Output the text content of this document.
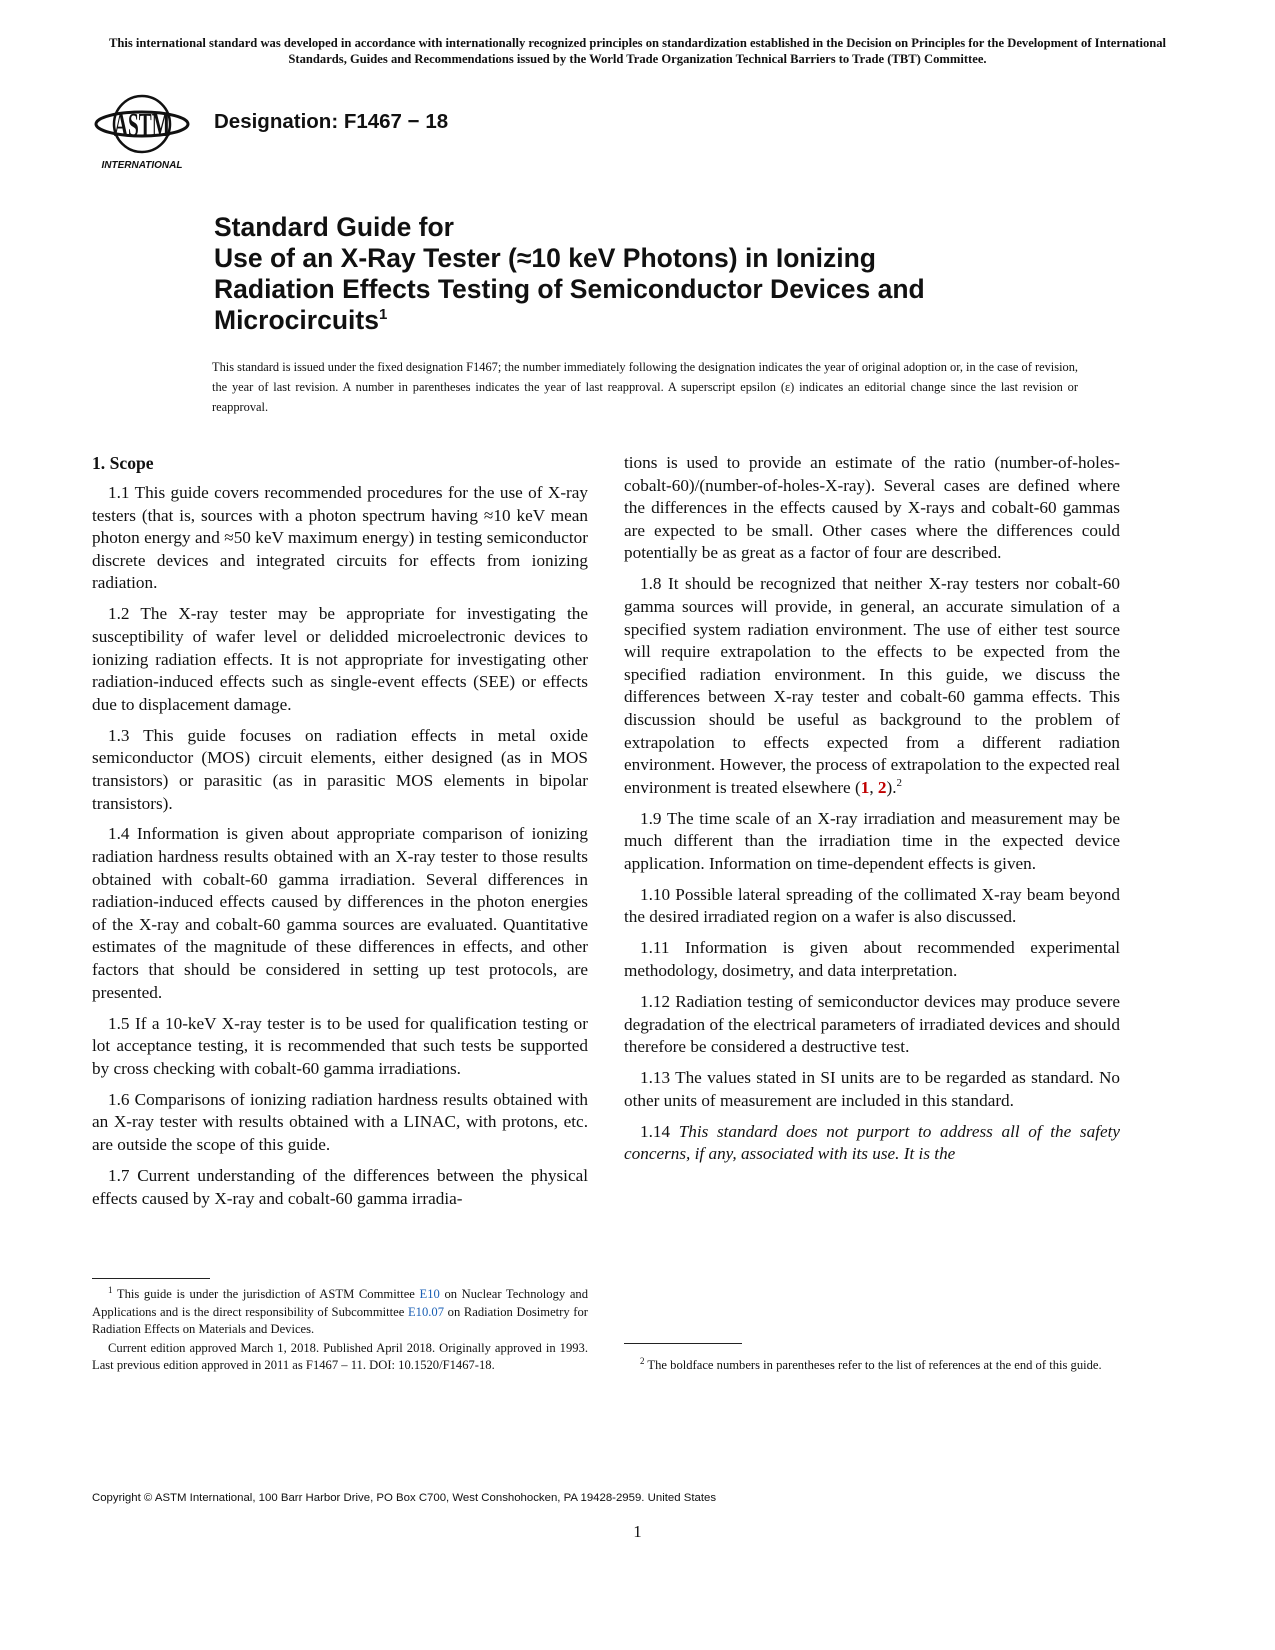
This international standard was developed in accordance with internationally recognized principles on standardization established in the Decision on Principles for the Development of International Standards, Guides and Recommendations issued by the World Trade Organization Technical Barriers to Trade (TBT) Committee.

ASTM
INTERNATIONAL

Designation: F1467 − 18

Standard Guide for
Use of an X-Ray Tester (≈10 keV Photons) in Ionizing
Radiation Effects Testing of Semiconductor Devices and
Microcircuits$^1$

This standard is issued under the fixed designation F1467; the number immediately following the designation indicates the year of original adoption or, in the case of revision, the year of last revision. A number in parentheses indicates the year of last reapproval. A superscript epsilon (ε) indicates an editorial change since the last revision or reapproval.

1. Scope

1.1 This guide covers recommended procedures for the use of X-ray testers (that is, sources with a photon spectrum having ≈10 keV mean photon energy and ≈50 keV maximum energy) in testing semiconductor discrete devices and integrated circuits for effects from ionizing radiation.

1.2 The X-ray tester may be appropriate for investigating the susceptibility of wafer level or delidded microelectronic devices to ionizing radiation effects. It is not appropriate for investigating other radiation-induced effects such as single-event effects (SEE) or effects due to displacement damage.

1.3 This guide focuses on radiation effects in metal oxide semiconductor (MOS) circuit elements, either designed (as in MOS transistors) or parasitic (as in parasitic MOS elements in bipolar transistors).

1.4 Information is given about appropriate comparison of ionizing radiation hardness results obtained with an X-ray tester to those results obtained with cobalt-60 gamma irradiation. Several differences in radiation-induced effects caused by differences in the photon energies of the X-ray and cobalt-60 gamma sources are evaluated. Quantitative estimates of the magnitude of these differences in effects, and other factors that should be considered in setting up test protocols, are presented.

1.5 If a 10-keV X-ray tester is to be used for qualification testing or lot acceptance testing, it is recommended that such tests be supported by cross checking with cobalt-60 gamma irradiations.

1.6 Comparisons of ionizing radiation hardness results obtained with an X-ray tester with results obtained with a LINAC, with protons, etc. are outside the scope of this guide.

1.7 Current understanding of the differences between the physical effects caused by X-ray and cobalt-60 gamma irradia-

$^1$ This guide is under the jurisdiction of ASTM Committee E10 on Nuclear Technology and Applications and is the direct responsibility of Subcommittee E10.07 on Radiation Dosimetry for Radiation Effects on Materials and Devices.

Current edition approved March 1, 2018. Published April 2018. Originally approved in 1993. Last previous edition approved in 2011 as F1467 – 11. DOI: 10.1520/F1467-18.

tions is used to provide an estimate of the ratio (number-of-holes-cobalt-60)/(number-of-holes-X-ray). Several cases are defined where the differences in the effects caused by X-rays and cobalt-60 gammas are expected to be small. Other cases where the differences could potentially be as great as a factor of four are described.

1.8 It should be recognized that neither X-ray testers nor cobalt-60 gamma sources will provide, in general, an accurate simulation of a specified system radiation environment. The use of either test source will require extrapolation to the effects to be expected from the specified radiation environment. In this guide, we discuss the differences between X-ray tester and cobalt-60 gamma effects. This discussion should be useful as background to the problem of extrapolation to effects expected from a different radiation environment. However, the process of extrapolation to the expected real environment is treated elsewhere (1, 2).$^2$

1.9 The time scale of an X-ray irradiation and measurement may be much different than the irradiation time in the expected device application. Information on time-dependent effects is given.

1.10 Possible lateral spreading of the collimated X-ray beam beyond the desired irradiated region on a wafer is also discussed.

1.11 Information is given about recommended experimental methodology, dosimetry, and data interpretation.

1.12 Radiation testing of semiconductor devices may produce severe degradation of the electrical parameters of irradiated devices and should therefore be considered a destructive test.

1.13 The values stated in SI units are to be regarded as standard. No other units of measurement are included in this standard.

1.14 This standard does not purport to address all of the safety concerns, if any, associated with its use. It is the

$^2$ The boldface numbers in parentheses refer to the list of references at the end of this guide.

Copyright © ASTM International, 100 Barr Harbor Drive, PO Box C700, West Conshohocken, PA 19428-2959. United States

1
